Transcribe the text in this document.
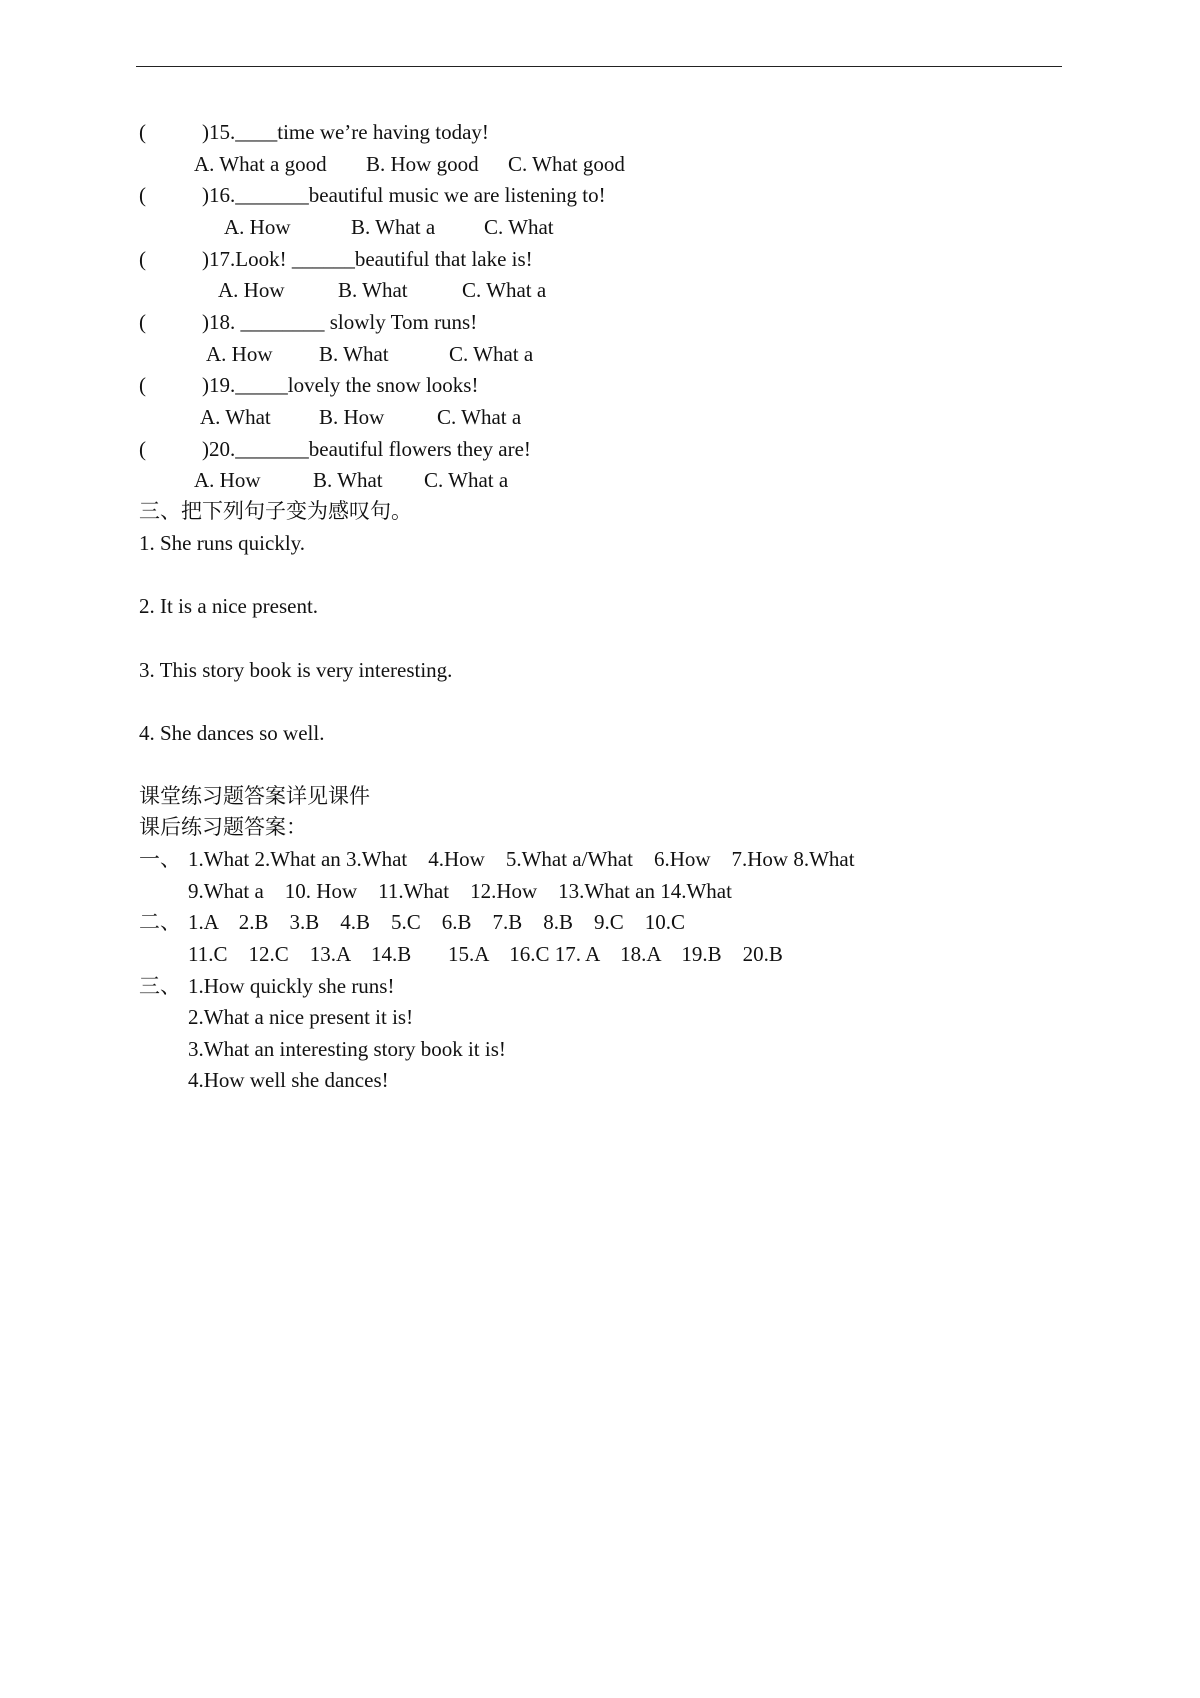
(	)15.____time we’re having today!
A. What a good B. How good C. What good
(	)16._______beautiful music we are listening to!
A. How	B. What a C. What
(	)17.Look! ______beautiful that lake is!
A. How	B. What	C. What a
(	)18. ________ slowly Tom runs!
A. How B. What	C. What a
(	)19._____lovely the snow looks!
A. What B. How	C. What a
(	)20._______beautiful flowers they are!
A. How	B. What C. What a
三、把下列句子变为感叹句。
1. She runs quickly.
2. It is a nice present.
3. This story book is very interesting.
4. She dances so well.
课堂练习题答案详见课件
课后练习题答案：
一、 1.What 2.What an 3.What    4.How    5.What a/What    6.How    7.How 8.What
9.What a    10. How    11.What    12.How    13.What an 14.What
二、 1.A    2.B    3.B    4.B    5.C    6.B    7.B    8.B    9.C    10.C
11.C    12.C    13.A    14.B       15.A    16.C 17. A    18.A    19.B    20.B
三、 1.How quickly she runs!
2.What a nice present it is!
3.What an interesting story book it is!
4.How well she dances!
